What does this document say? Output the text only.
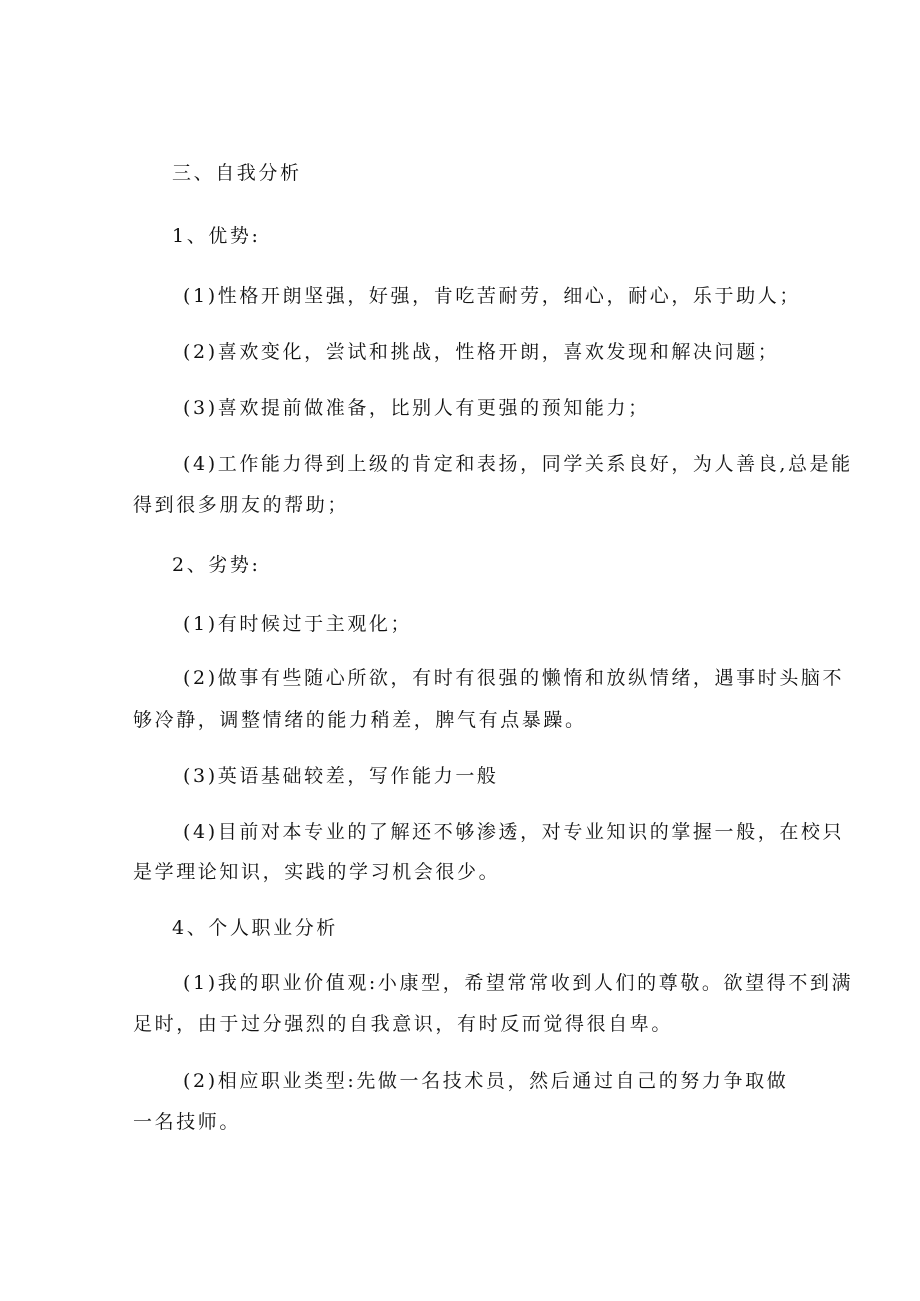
三、自我分析
1、优势:
(1)性格开朗坚强，好强，肯吃苦耐劳，细心，耐心，乐于助人；
(2)喜欢变化，尝试和挑战，性格开朗，喜欢发现和解决问题；
(3)喜欢提前做准备，比别人有更强的预知能力；
(4)工作能力得到上级的肯定和表扬，同学关系良好，为人善良,总是能
得到很多朋友的帮助；
2、劣势:
(1)有时候过于主观化；
(2)做事有些随心所欲，有时有很强的懒惰和放纵情绪，遇事时头脑不
够冷静，调整情绪的能力稍差，脾气有点暴躁。
(3)英语基础较差，写作能力一般
(4)目前对本专业的了解还不够渗透，对专业知识的掌握一般，在校只
是学理论知识，实践的学习机会很少。
4、个人职业分析
(1)我的职业价值观:小康型，希望常常收到人们的尊敬。欲望得不到满
足时，由于过分强烈的自我意识，有时反而觉得很自卑。
(2)相应职业类型:先做一名技术员，然后通过自己的努力争取做
一名技师。
